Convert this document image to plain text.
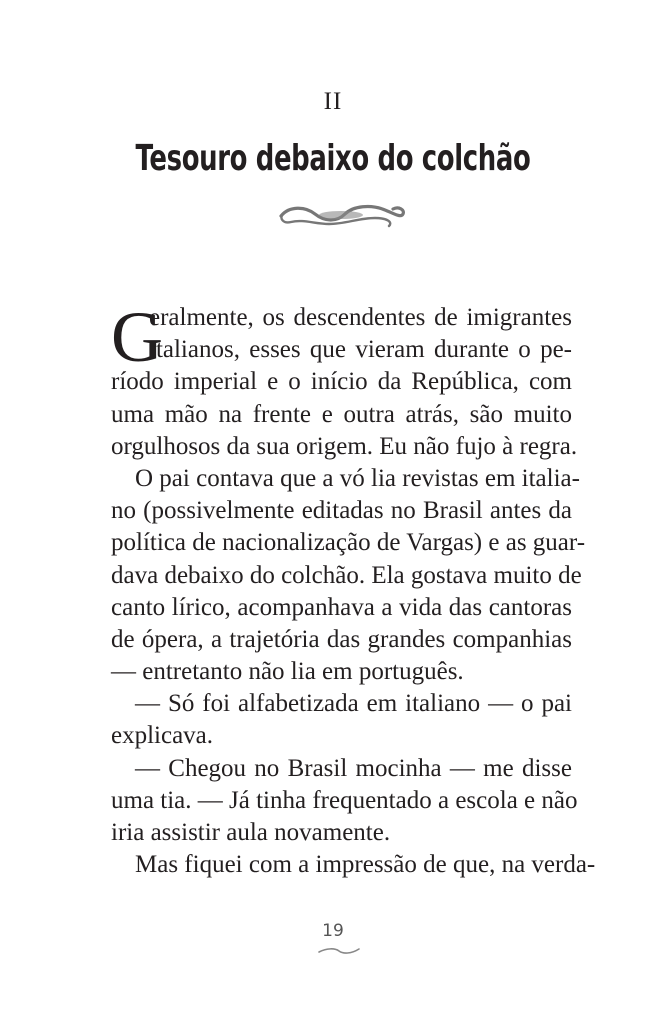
II
Tesouro debaixo do colchão
G
eralmente, os descendentes de imigrantes
italianos, esses que vieram durante o pe-
ríodo imperial e o início da República, com
uma mão na frente e outra atrás, são muito
orgulhosos da sua origem. Eu não fujo à regra.
O pai contava que a vó lia revistas em italia-
no (possivelmente editadas no Brasil antes da
política de nacionalização de Vargas) e as guar-
dava debaixo do colchão. Ela gostava muito de
canto lírico, acompanhava a vida das cantoras
de ópera, a trajetória das grandes companhias
— entretanto não lia em português.
— Só foi alfabetizada em italiano — o pai
explicava.
— Chegou no Brasil mocinha — me disse
uma tia. — Já tinha frequentado a escola e não
iria assistir aula novamente.
Mas fiquei com a impressão de que, na verda-
19
